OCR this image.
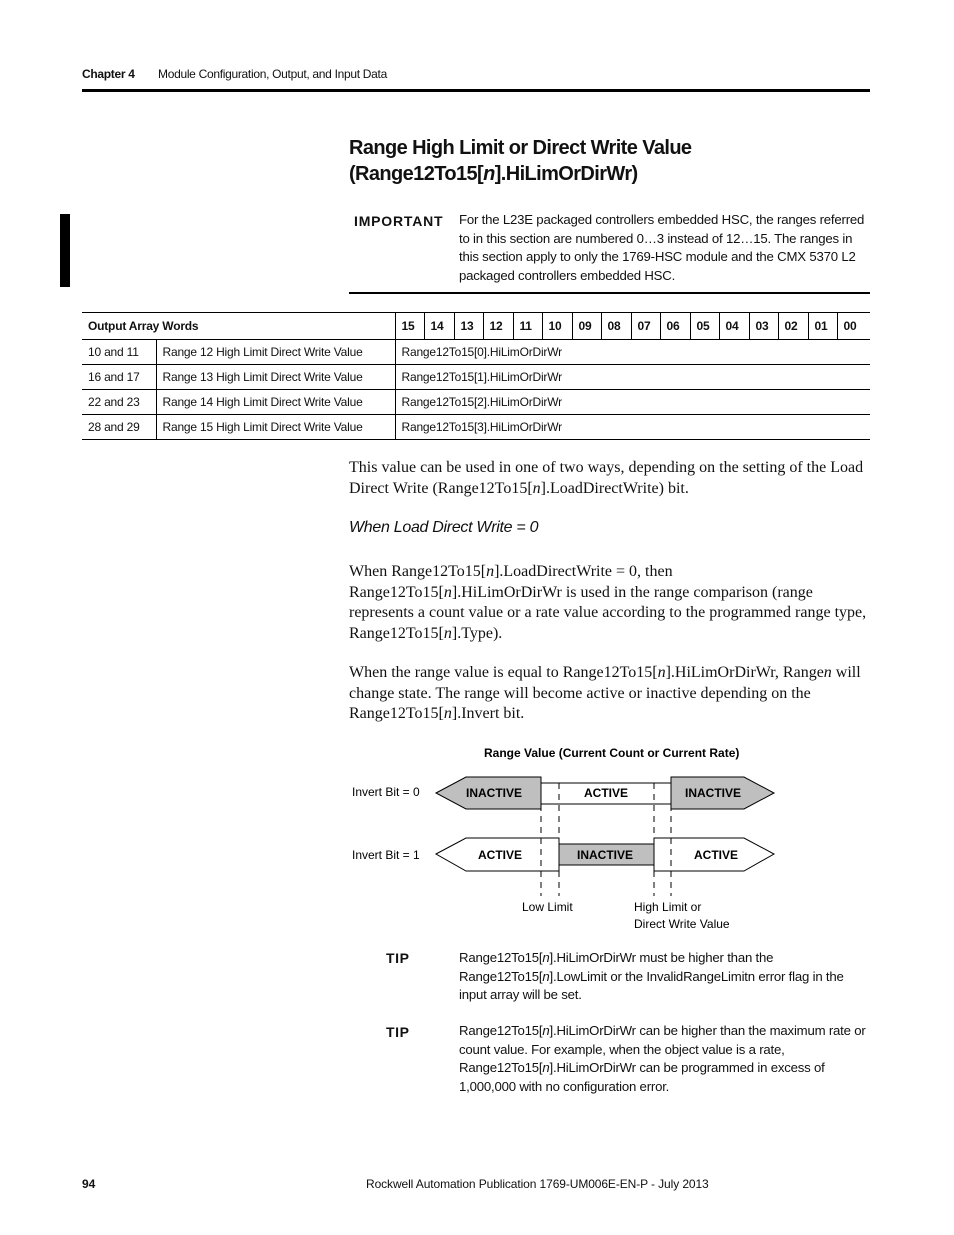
Chapter 4 Module Configuration, Output, and Input Data
Range High Limit or Direct Write Value
(Range12To15[n].HiLimOrDirWr)
IMPORTANT For the L23E packaged controllers embedded HSC, the ranges referred to in this section are numbered 0…3 instead of 12…15. The ranges in this section apply to only the 1769-HSC module and the CMX 5370 L2 packaged controllers embedded HSC.
Output Array Words		15	14	13	12	11	10	09	08	07	06	05	04	03	02	01	00
10 and 11	Range 12 High Limit Direct Write Value	Range12To15[0].HiLimOrDirWr															
16 and 17	Range 13 High Limit Direct Write Value	Range12To15[1].HiLimOrDirWr															
22 and 23	Range 14 High Limit Direct Write Value	Range12To15[2].HiLimOrDirWr															
28 and 29	Range 15 High Limit Direct Write Value	Range12To15[3].HiLimOrDirWr															
This value can be used in one of two ways, depending on the setting of the Load Direct Write (Range12To15[n].LoadDirectWrite) bit.
When Load Direct Write = 0
When Range12To15[n].LoadDirectWrite = 0, then
Range12To15[n].HiLimOrDirWr is used in the range comparison (range represents a count value or a rate value according to the programmed range type, Range12To15[n].Type).
When the range value is equal to Range12To15[n].HiLimOrDirWr, Rangen will change state. The range will become active or inactive depending on the Range12To15[n].Invert bit.
Range Value (Current Count or Current Rate)
Invert Bit = 0	INACTIVE	ACTIVE	INACTIVE
Invert Bit = 1	ACTIVE	INACTIVE	ACTIVE
Low Limit	High Limit or
Direct Write Value
TIP	Range12To15[n].HiLimOrDirWr must be higher than the Range12To15[n].LowLimit or the InvalidRangeLimitn error flag in the input array will be set.
TIP	Range12To15[n].HiLimOrDirWr can be higher than the maximum rate or count value. For example, when the object value is a rate, Range12To15[n].HiLimOrDirWr can be programmed in excess of 1,000,000 with no configuration error.
94	Rockwell Automation Publication 1769-UM006E-EN-P - July 2013
